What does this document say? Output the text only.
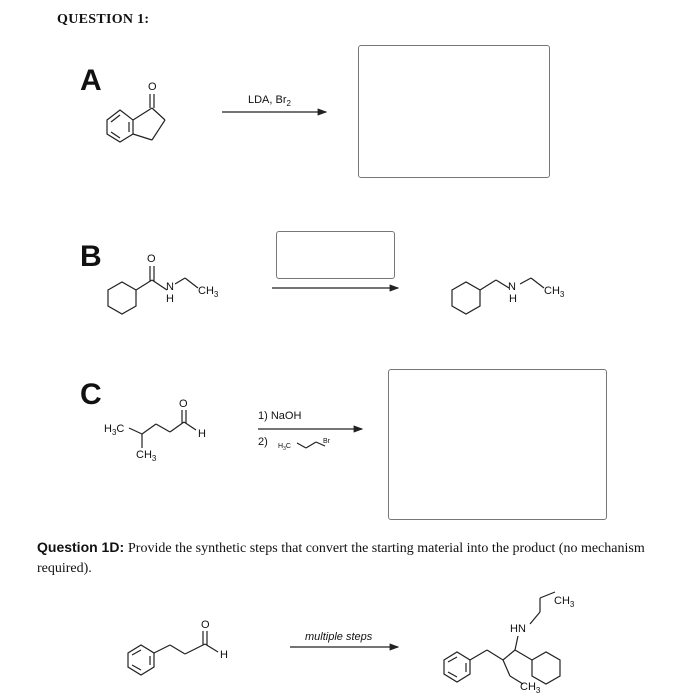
QUESTION 1:
A
B
C
O
O
N
H
$CH_3$
N
H
$CH_3$
$H_3C$
$CH_3$
O
H
$H_3C$
Br
O
H
HN
$CH_3$
$CH_3$
LDA, $Br_2$
1) NaOH
2)
multiple steps
Question 1D: Provide the synthetic steps that convert the starting material into the product (no mechanism required).
